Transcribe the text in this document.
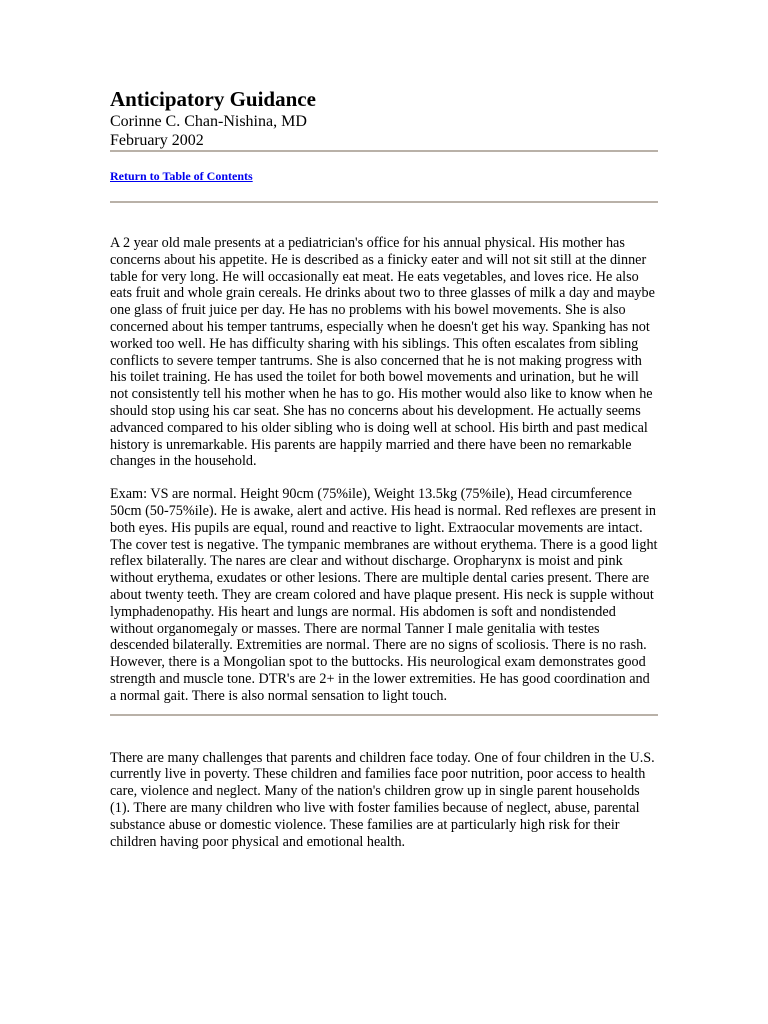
Anticipatory Guidance

Corinne C. Chan-Nishina, MD

February 2002

Return to Table of Contents

A 2 year old male presents at a pediatrician's office for his annual physical. His mother has concerns about his appetite. He is described as a finicky eater and will not sit still at the dinner table for very long. He will occasionally eat meat. He eats vegetables, and loves rice. He also eats fruit and whole grain cereals. He drinks about two to three glasses of milk a day and maybe one glass of fruit juice per day. He has no problems with his bowel movements. She is also concerned about his temper tantrums, especially when he doesn't get his way. Spanking has not worked too well. He has difficulty sharing with his siblings. This often escalates from sibling conflicts to severe temper tantrums. She is also concerned that he is not making progress with his toilet training. He has used the toilet for both bowel movements and urination, but he will not consistently tell his mother when he has to go. His mother would also like to know when he should stop using his car seat. She has no concerns about his development. He actually seems advanced compared to his older sibling who is doing well at school. His birth and past medical history is unremarkable. His parents are happily married and there have been no remarkable changes in the household.

Exam: VS are normal. Height 90cm (75%ile), Weight 13.5kg (75%ile), Head circumference 50cm (50-75%ile). He is awake, alert and active. His head is normal. Red reflexes are present in both eyes. His pupils are equal, round and reactive to light. Extraocular movements are intact. The cover test is negative. The tympanic membranes are without erythema. There is a good light reflex bilaterally. The nares are clear and without discharge. Oropharynx is moist and pink without erythema, exudates or other lesions. There are multiple dental caries present. There are about twenty teeth. They are cream colored and have plaque present. His neck is supple without lymphadenopathy. His heart and lungs are normal. His abdomen is soft and nondistended without organomegaly or masses. There are normal Tanner I male genitalia with testes descended bilaterally. Extremities are normal. There are no signs of scoliosis. There is no rash. However, there is a Mongolian spot to the buttocks. His neurological exam demonstrates good strength and muscle tone. DTR's are 2+ in the lower extremities. He has good coordination and a normal gait. There is also normal sensation to light touch.

There are many challenges that parents and children face today. One of four children in the U.S. currently live in poverty. These children and families face poor nutrition, poor access to health care, violence and neglect. Many of the nation's children grow up in single parent households (1). There are many children who live with foster families because of neglect, abuse, parental substance abuse or domestic violence. These families are at particularly high risk for their children having poor physical and emotional health.
